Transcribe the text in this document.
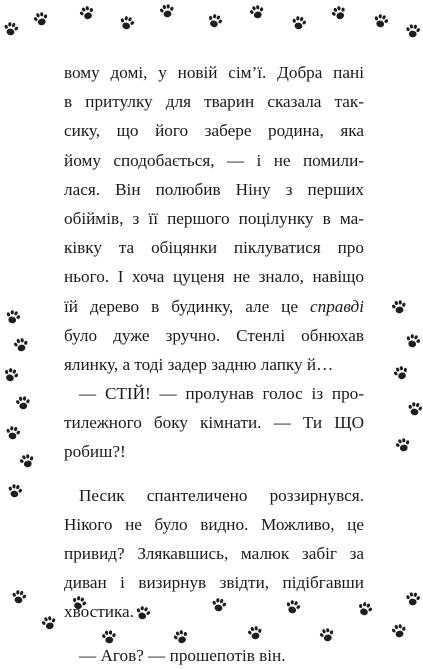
вому домі, у новій сім’ї. Добра пані
в притулку для тварин сказала так-
сику, що його забере родина, яка
йому сподобається, — і не помили-
лася. Він полюбив Ніну з перших
обіймів, з її першого поцілунку в ма-
ківку та обіцянки піклуватися про
нього. І хоча цуценя не знало, навіщо
їй дерево в будинку, але це справді
було дуже зручно. Стенлі обнюхав
ялинку, а тоді задер задню лапку й…
— СТІЙ! — пролунав голос із про-
тилежного боку кімнати. — Ти ЩО
робиш?!
Песик спантеличено роззирнувся.
Нікого не було видно. Можливо, це
привид? Злякавшись, малюк забіг за
диван і визирнув звідти, підібгавши
хвостика.
— Агов? — прошепотів він.
